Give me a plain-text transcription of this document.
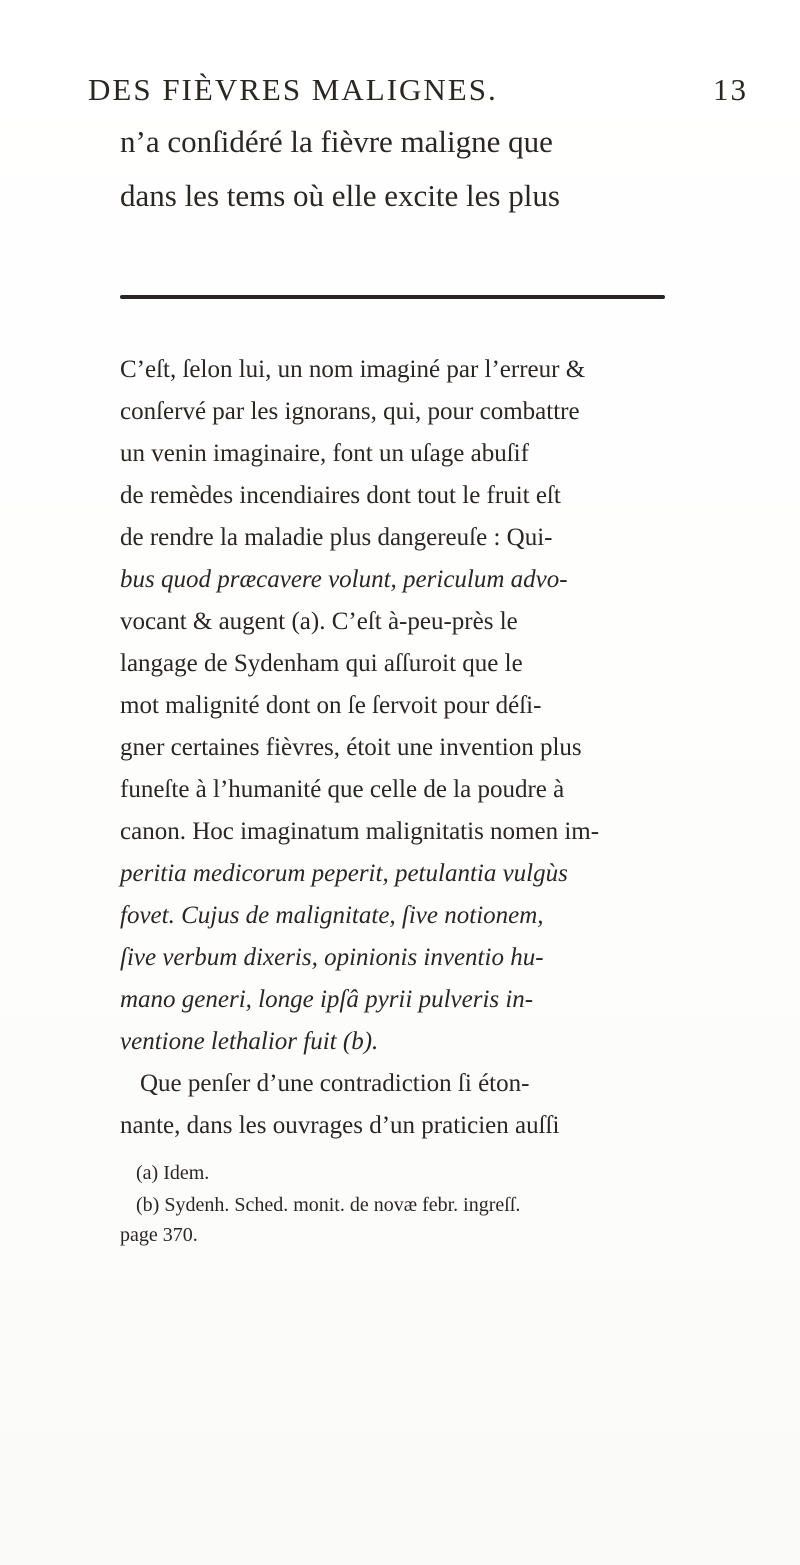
DES FIÈVRES MALIGNES.	13
n’a conſidéré la fièvre maligne que
dans les tems où elle excite les plus
C’eſt, ſelon lui, un nom imaginé par l’erreur &
conſervé par les ignorans, qui, pour combattre
un venin imaginaire, font un uſage abuſif
de remèdes incendiaires dont tout le fruit eſt
de rendre la maladie plus dangereuſe : Qui-
bus quod præcavere volunt, periculum advo-
vocant & augent (a). C’eſt à-peu-près le
langage de Sydenham qui aſſuroit que le
mot malignité dont on ſe ſervoit pour déſi-
gner certaines fièvres, étoit une invention plus
funeſte à l’humanité que celle de la poudre à
canon. Hoc imaginatum malignitatis nomen im-
peritia medicorum peperit, petulantia vulgùs
fovet. Cujus de malignitate, ſive notionem,
ſive verbum dixeris, opinionis inventio hu-
mano generi, longe ipſâ pyrii pulveris in-
ventione lethalior fuit (b).
Que penſer d’une contradiction ſi éton-
nante, dans les ouvrages d’un praticien auſſi
(a) Idem.
(b) Sydenh. Sched. monit. de novæ febr. ingreſſ.
page 370.
